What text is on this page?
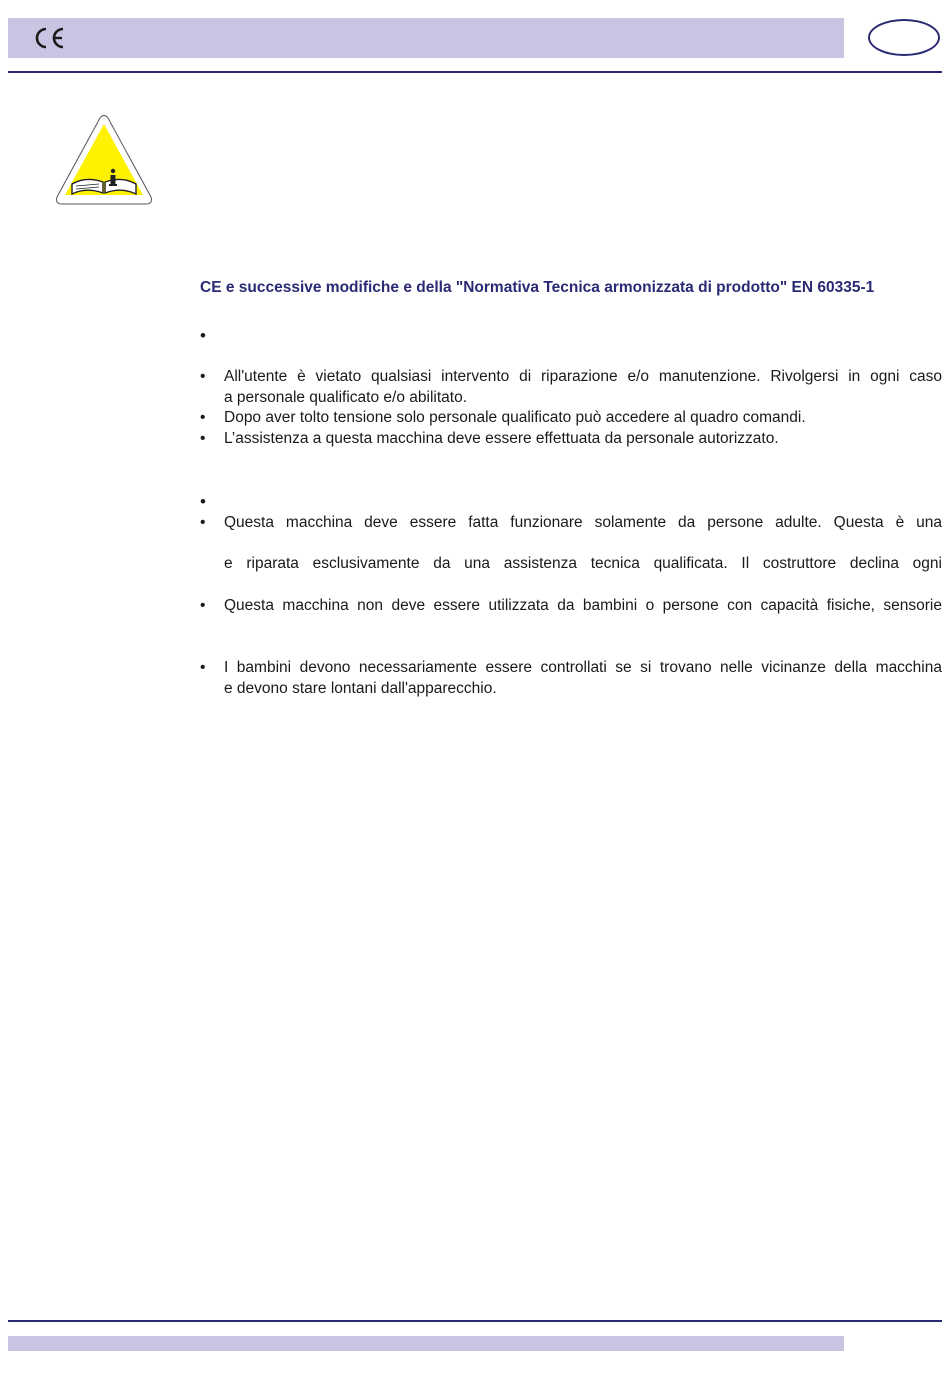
CE e successive modifiche e della "Normativa Tecnica armonizzata di prodotto" EN 60335-1
•
• All'utente è vietato qualsiasi intervento di riparazione e/o manutenzione. Rivolgersi in ogni caso
a personale qualificato e/o abilitato.
• Dopo aver tolto tensione solo personale qualificato può accedere al quadro comandi.
• L’assistenza a questa macchina deve essere effettuata da personale autorizzato.
•
• Questa macchina deve essere fatta funzionare solamente da persone adulte. Questa è una
e riparata esclusivamente da una assistenza tecnica qualificata. Il costruttore declina ogni
• Questa macchina non deve essere utilizzata da bambini o persone con capacità fisiche, sensorie
• I bambini devono necessariamente essere controllati se si trovano nelle vicinanze della macchina
e devono stare lontani dall'apparecchio.
